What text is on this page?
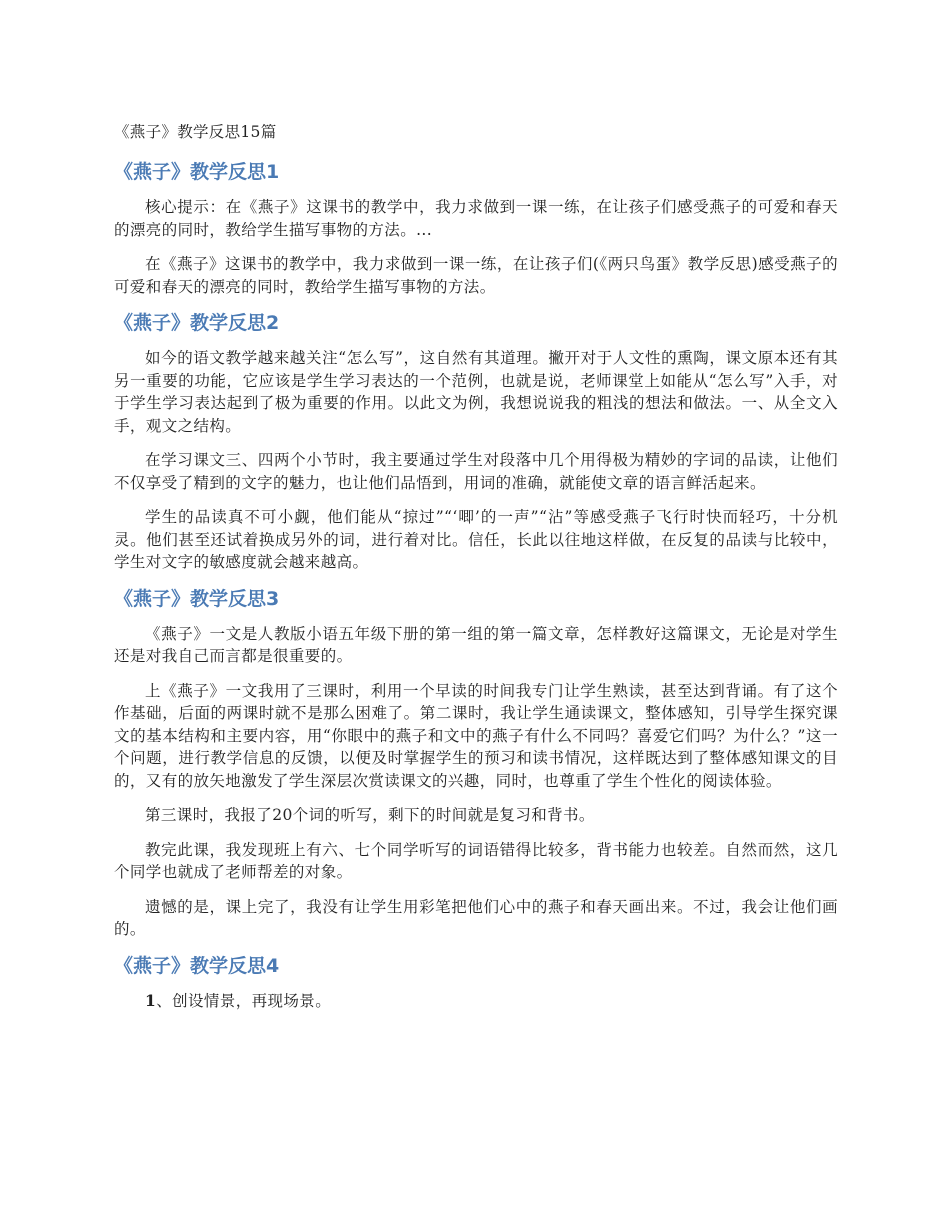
《燕子》教学反思15篇
《燕子》教学反思1

核心提示：在《燕子》这课书的教学中，我力求做到一课一练，在让孩子们感受燕子的可爱和春天的漂亮的同时，教给学生描写事物的方法。...

在《燕子》这课书的教学中，我力求做到一课一练，在让孩子们(《两只鸟蛋》教学反思)感受燕子的可爱和春天的漂亮的同时，教给学生描写事物的方法。

《燕子》教学反思2

如今的语文教学越来越关注“怎么写”，这自然有其道理。撇开对于人文性的熏陶，课文原本还有其另一重要的功能，它应该是学生学习表达的一个范例，也就是说，老师课堂上如能从“怎么写”入手，对于学生学习表达起到了极为重要的作用。以此文为例，我想说说我的粗浅的想法和做法。一、从全文入手，观文之结构。

在学习课文三、四两个小节时，我主要通过学生对段落中几个用得极为精妙的字词的品读，让他们不仅享受了精到的文字的魅力，也让他们品悟到，用词的准确，就能使文章的语言鲜活起来。

学生的品读真不可小觑，他们能从“掠过”“‘唧’的一声”“沾”等感受燕子飞行时快而轻巧，十分机灵。他们甚至还试着换成另外的词，进行着对比。信任，长此以往地这样做，在反复的品读与比较中，学生对文字的敏感度就会越来越高。

《燕子》教学反思3

《燕子》一文是人教版小语五年级下册的第一组的第一篇文章，怎样教好这篇课文，无论是对学生还是对我自己而言都是很重要的。

上《燕子》一文我用了三课时，利用一个早读的时间我专门让学生熟读，甚至达到背诵。有了这个作基础，后面的两课时就不是那么困难了。第二课时，我让学生通读课文，整体感知，引导学生探究课文的基本结构和主要内容，用“你眼中的燕子和文中的燕子有什么不同吗？喜爱它们吗？为什么？”这一个问题，进行教学信息的反馈，以便及时掌握学生的预习和读书情况，这样既达到了整体感知课文的目的，又有的放矢地激发了学生深层次赏读课文的兴趣，同时，也尊重了学生个性化的阅读体验。

第三课时，我报了20个词的听写，剩下的时间就是复习和背书。

教完此课，我发现班上有六、七个同学听写的词语错得比较多，背书能力也较差。自然而然，这几个同学也就成了老师帮差的对象。

遗憾的是，课上完了，我没有让学生用彩笔把他们心中的燕子和春天画出来。不过，我会让他们画的。

《燕子》教学反思4

1、创设情景，再现场景。
